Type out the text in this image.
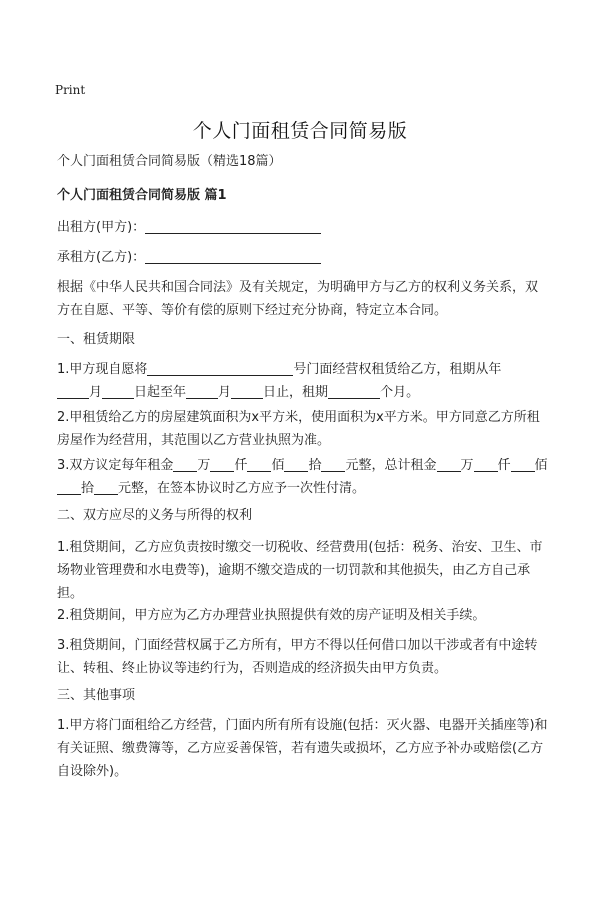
Print
个人门面租赁合同简易版
个人门面租赁合同简易版（精选18篇）
个人门面租赁合同简易版 篇1
出租方(甲方)：
承租方(乙方)：
根据《中华人民共和国合同法》及有关规定，为明确甲方与乙方的权利义务关系，双方在自愿、平等、等价有偿的原则下经过充分协商，特定立本合同。
一、租赁期限
1.甲方现自愿将	号门面经营权租赁给乙方，租期从年
月 日起至年 月 日止，租期	个月。
2.甲租赁给乙方的房屋建筑面积为x平方米，使用面积为x平方米。甲方同意乙方所租房屋作为经营用，其范围以乙方营业执照为准。
3.双方议定每年租金 万 仟 佰 拾 元整，总计租金 万 仟 佰
拾 元整，在签本协议时乙方应予一次性付清。
二、双方应尽的义务与所得的权利
1.租贷期间，乙方应负责按时缴交一切税收、经营费用(包括：税务、治安、卫生、市场物业管理费和水电费等)，逾期不缴交造成的一切罚款和其他损失，由乙方自己承担。
2.租贷期间，甲方应为乙方办理营业执照提供有效的房产证明及相关手续。
3.租贷期间，门面经营权属于乙方所有，甲方不得以任何借口加以干涉或者有中途转让、转租、终止协议等违约行为，否则造成的经济损失由甲方负责。
三、其他事项
1.甲方将门面租给乙方经营，门面内所有所有设施(包括：灭火器、电器开关插座等)和有关证照、缴费簿等，乙方应妥善保管，若有遗失或损坏，乙方应予补办或赔偿(乙方自设除外)。
